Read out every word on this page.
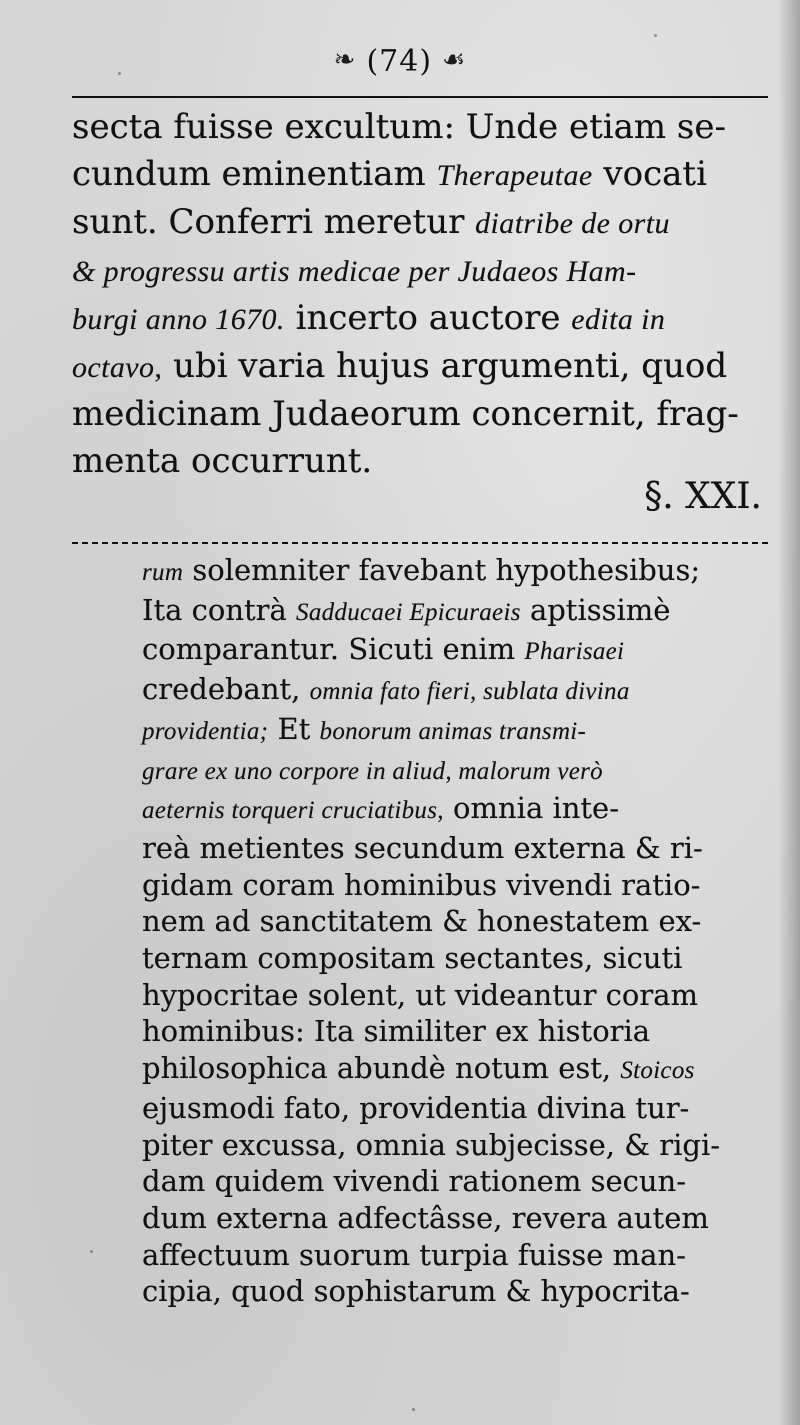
❧ (74) ☙
secta fuisse excultum: Unde etiam se-
cundum eminentiam Therapeutae vocati
sunt. Conferri meretur diatribe de ortu
& progressu artis medicae per Judaeos Ham-
burgi anno 1670. incerto auctore edita in
octavo, ubi varia hujus argumenti, quod
medicinam Judaeorum concernit, frag-
menta occurrunt.
§. XXI.
rum solemniter favebant hypothesibus;
Ita contrà Sadducaei Epicuraeis aptissimè
comparantur. Sicuti enim Pharisaei
credebant, omnia fato fieri, sublata divina
providentia; Et bonorum animas transmi-
grare ex uno corpore in aliud, malorum verò
aeternis torqueri cruciatibus, omnia inte-
reà metientes secundum externa & ri-
gidam coram hominibus vivendi ratio-
nem ad sanctitatem & honestatem ex-
ternam compositam sectantes, sicuti
hypocritae solent, ut videantur coram
hominibus: Ita similiter ex historia
philosophica abundè notum est, Stoicos
ejusmodi fato, providentia divina tur-
piter excussa, omnia subjecisse, & rigi-
dam quidem vivendi rationem secun-
dum externa adfectâsse, revera autem
affectuum suorum turpia fuisse man-
cipia, quod sophistarum & hypocrita-
